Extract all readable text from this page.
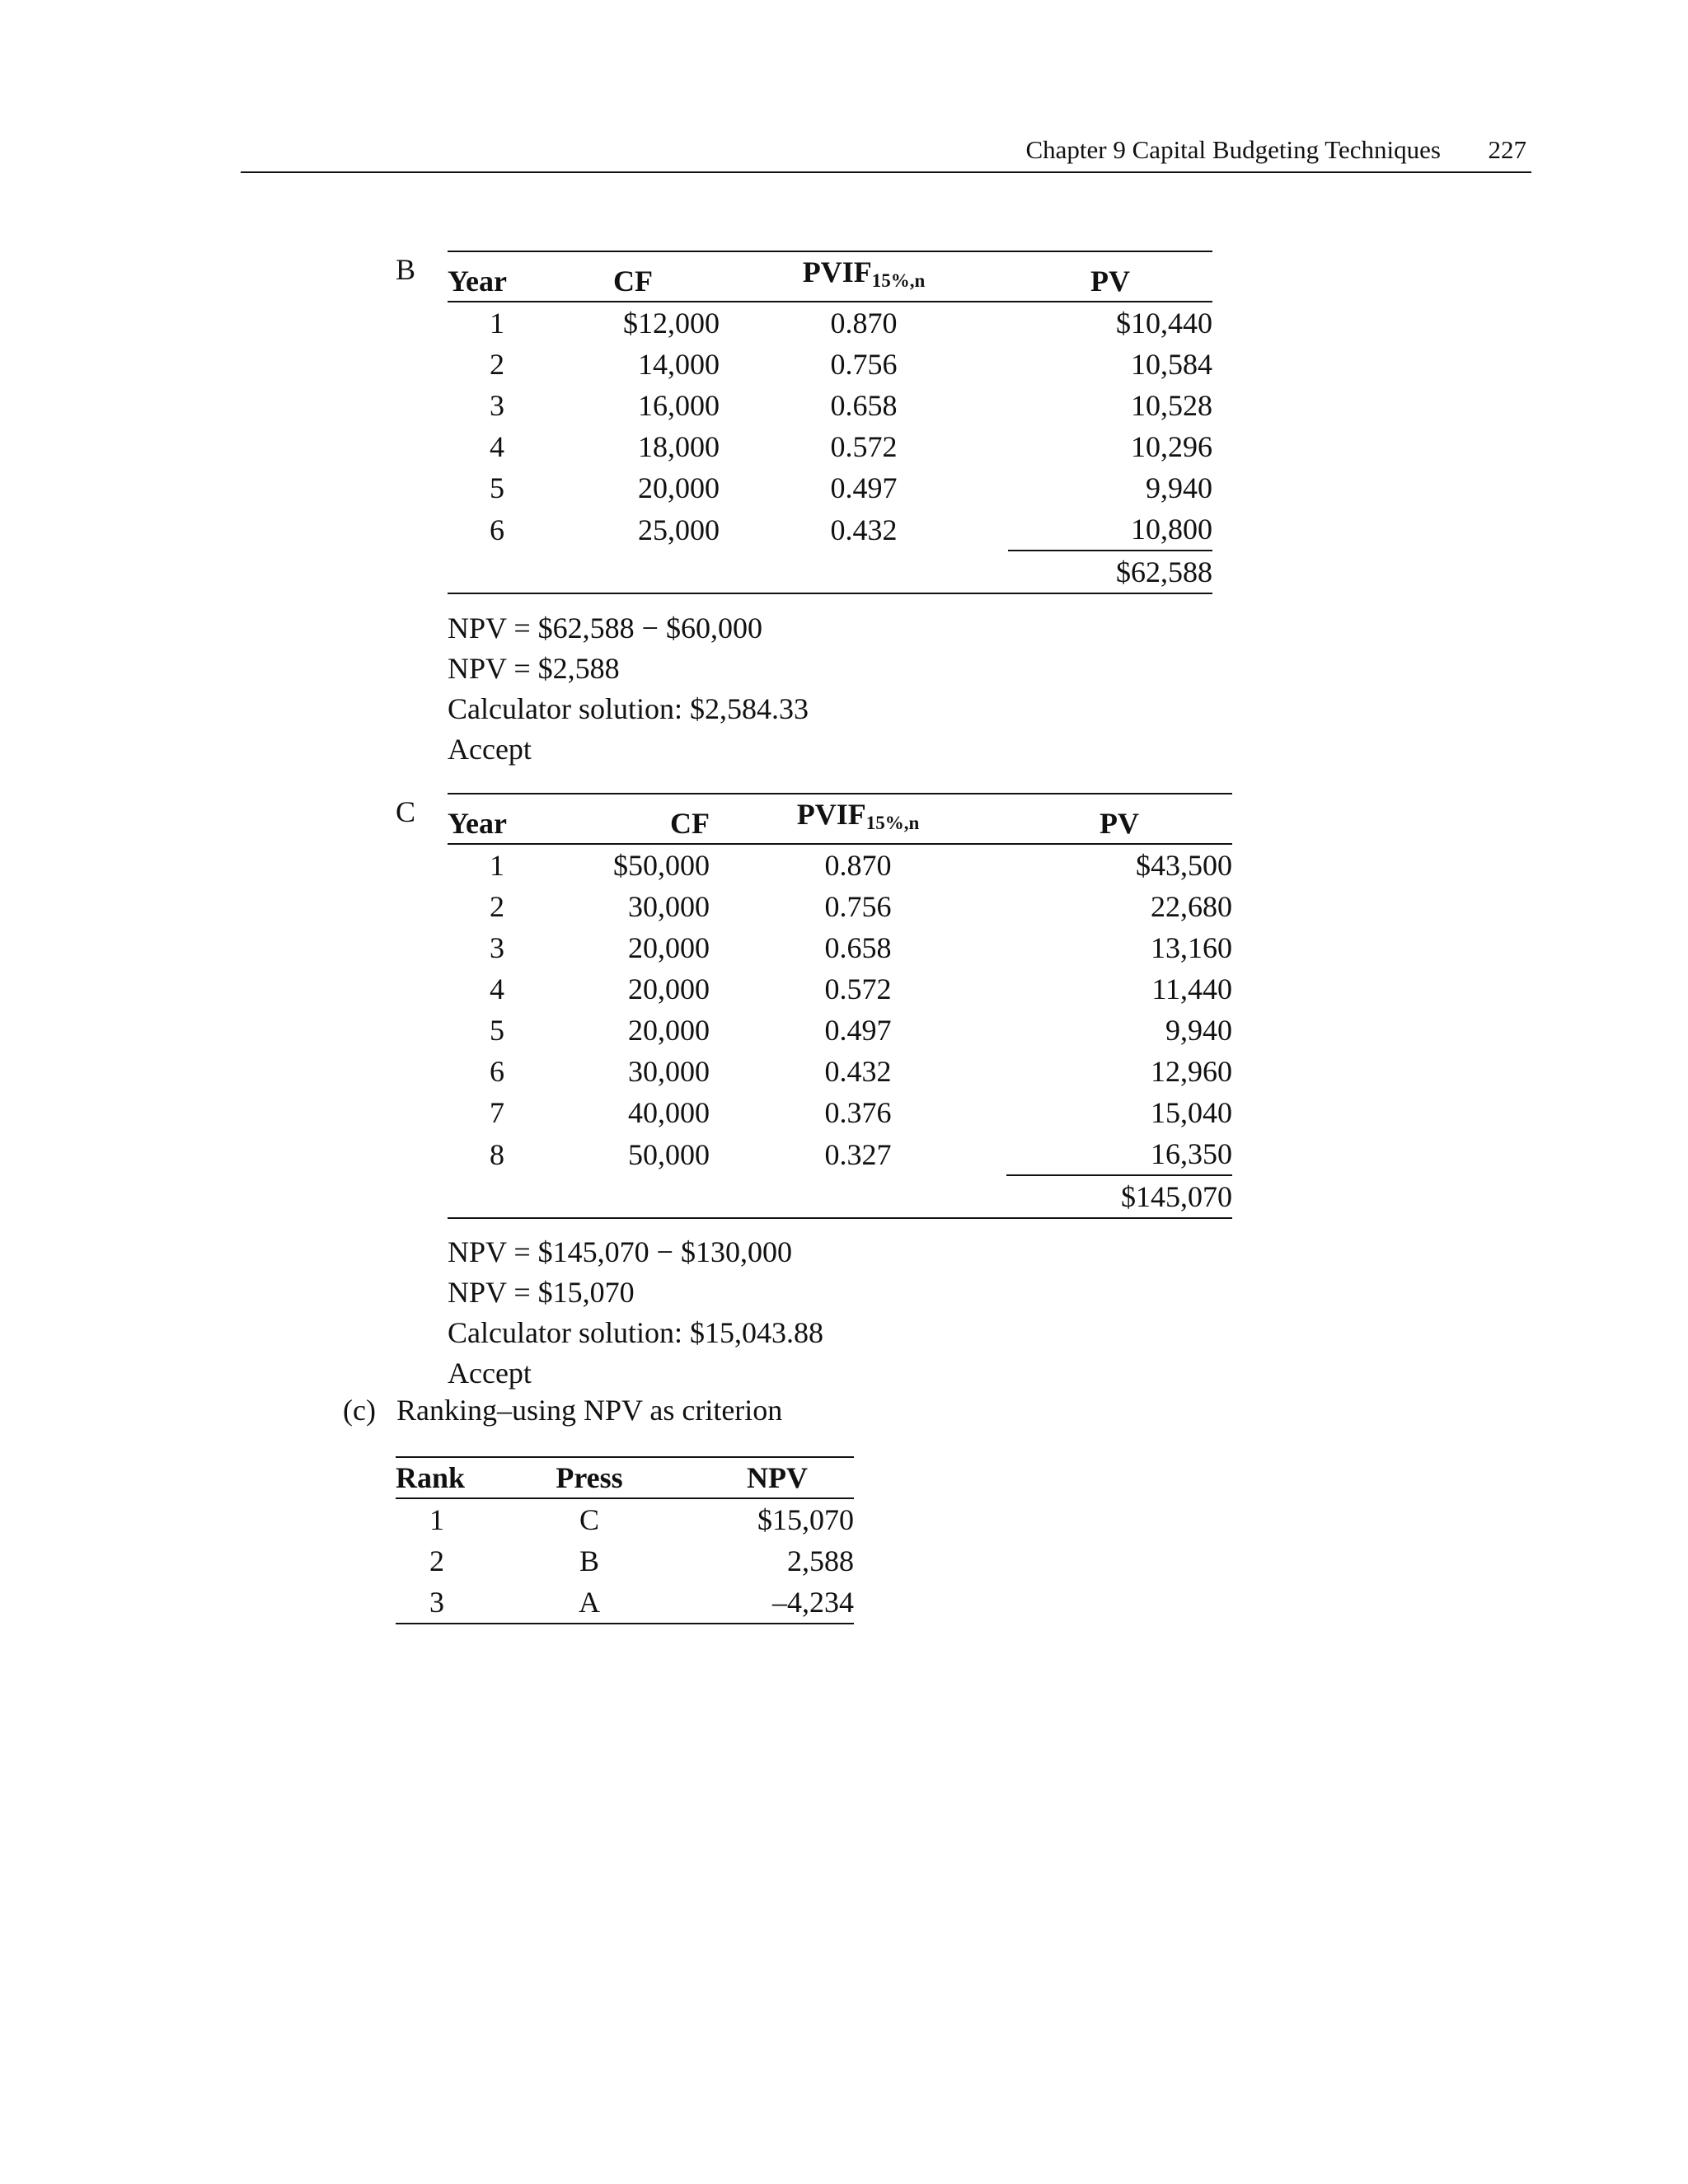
Chapter 9 Capital Budgeting Techniques 227
B Year	CF	$PVIF_{15\%,n}$	PV
1	$12,000	0.870	$10,440
2	14,000	0.756	10,584
3	16,000	0.658	10,528
4	18,000	0.572	10,296
5	20,000	0.497	9,940
6	25,000	0.432	10,800
			$62,588
NPV = $62,588 − $60,000
NPV = $2,588
Calculator solution: $2,584.33
Accept
C Year	CF	$PVIF_{15\%,n}$	PV
1	$50,000	0.870	$43,500
2	30,000	0.756	22,680
3	20,000	0.658	13,160
4	20,000	0.572	11,440
5	20,000	0.497	9,940
6	30,000	0.432	12,960
7	40,000	0.376	15,040
8	50,000	0.327	16,350
			$145,070
NPV = $145,070 − $130,000
NPV = $15,070
Calculator solution: $15,043.88
Accept
(c) Ranking–using NPV as criterion
Rank	Press	NPV
1	C	$15,070
2	B	2,588
3	A	–4,234
